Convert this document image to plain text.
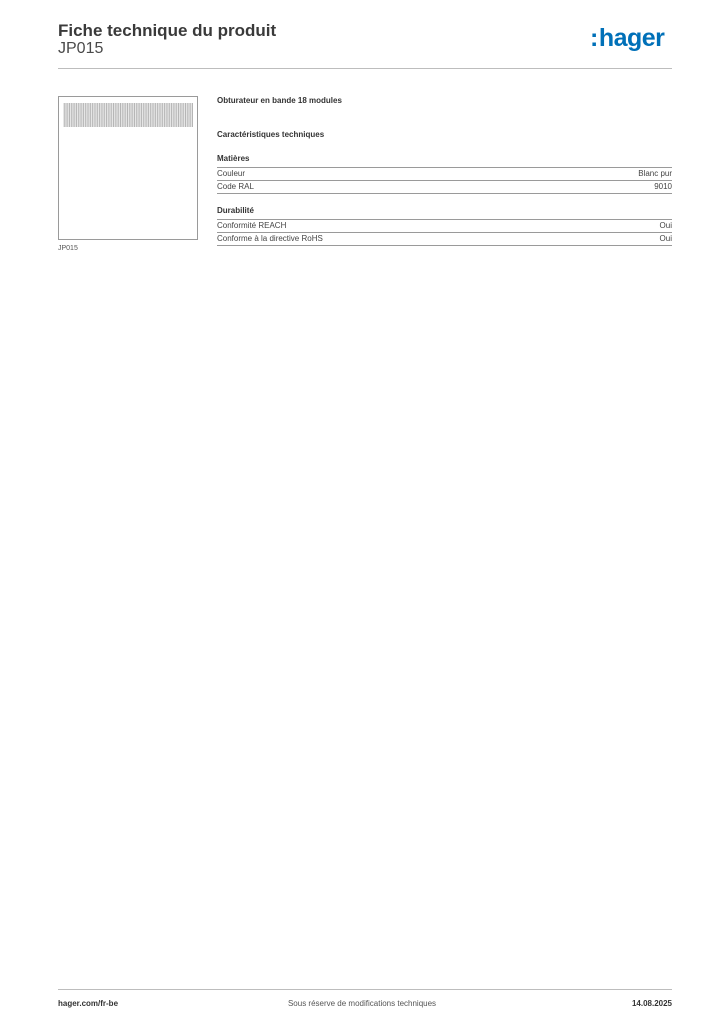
Fiche technique du produit
JP015	:hager
JP015
Obturateur en bande 18 modules
Caractéristiques techniques
Matières
Couleur	Blanc pur
Code RAL	9010
Durabilité
Conformité REACH	Oui
Conforme à la directive RoHS	Oui
hager.com/fr-be	Sous réserve de modifications techniques	14.08.2025
